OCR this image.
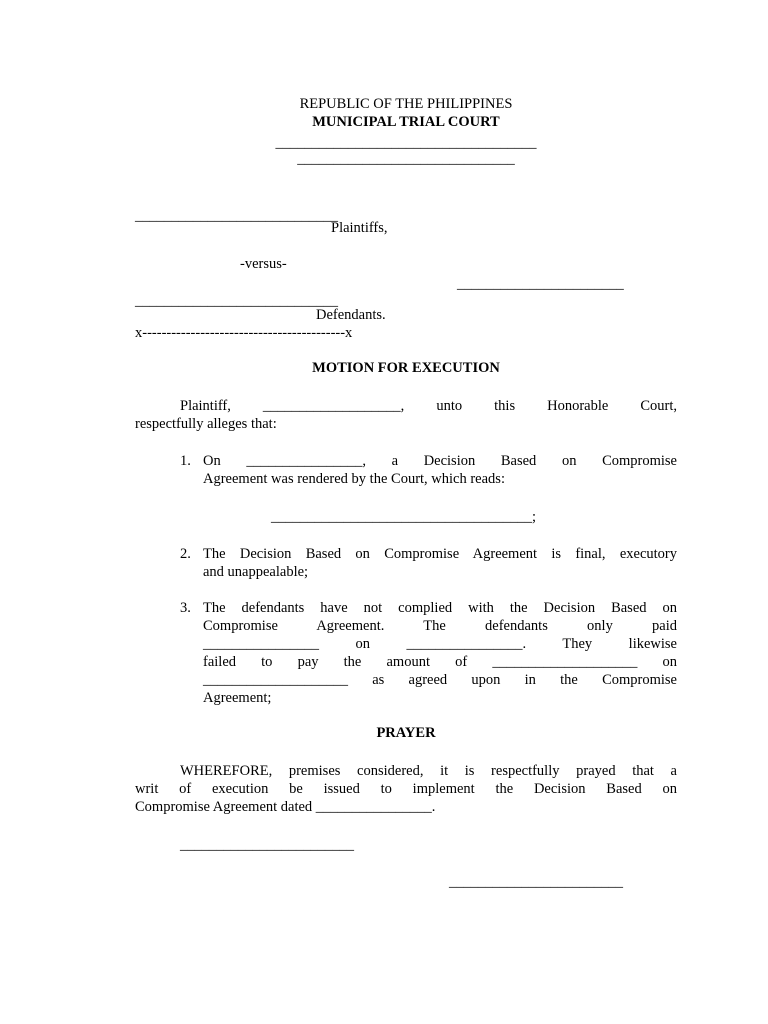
REPUBLIC OF THE PHILIPPINES
MUNICIPAL TRIAL COURT
____________________________________
______________________________
____________________________
Plaintiffs,
-versus-
_______________________
____________________________
Defendants.
x------------------------------------------x
MOTION FOR EXECUTION
Plaintiff, ___________________, unto this Honorable Court,
respectfully alleges that:
1. On ________________, a Decision Based on Compromise
Agreement was rendered by the Court, which reads:
____________________________________;
2. The Decision Based on Compromise Agreement is final, executory
and unappealable;
3. The defendants have not complied with the Decision Based on
Compromise Agreement. The defendants only paid
________________ on ________________. They likewise
failed to pay the amount of ____________________ on
____________________ as agreed upon in the Compromise
Agreement;
PRAYER
WHEREFORE, premises considered, it is respectfully prayed that a
writ of execution be issued to implement the Decision Based on
Compromise Agreement dated ________________.
________________________
________________________
